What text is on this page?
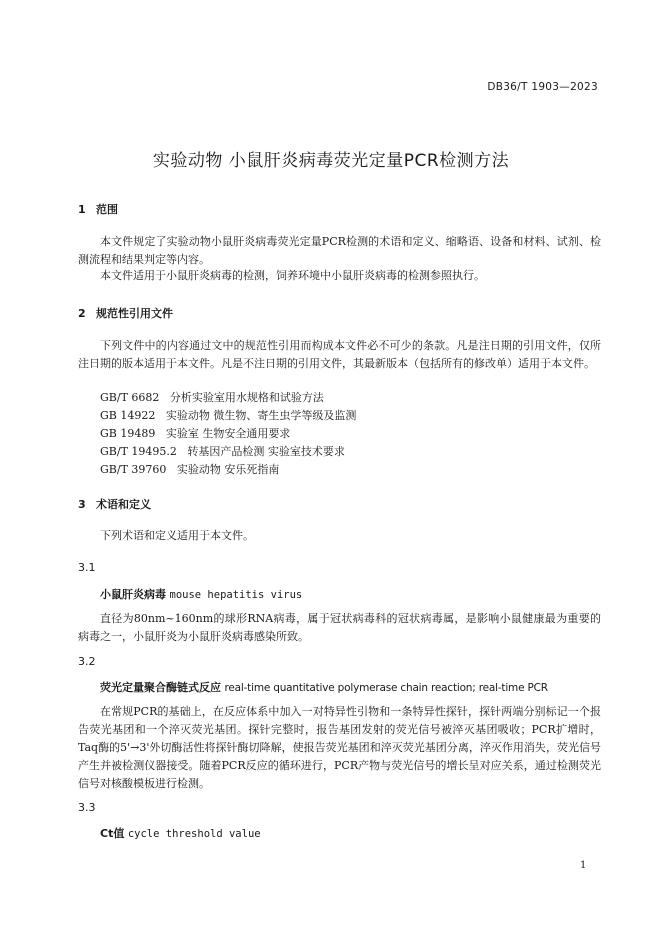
DB36/T 1903—2023
实验动物 小鼠肝炎病毒荧光定量PCR检测方法
1 范围
本文件规定了实验动物小鼠肝炎病毒荧光定量PCR检测的术语和定义、缩略语、设备和材料、试剂、检测流程和结果判定等内容。
本文件适用于小鼠肝炎病毒的检测，饲养环境中小鼠肝炎病毒的检测参照执行。
2 规范性引用文件
下列文件中的内容通过文中的规范性引用而构成本文件必不可少的条款。凡是注日期的引用文件，仅所注日期的版本适用于本文件。凡是不注日期的引用文件，其最新版本（包括所有的修改单）适用于本文件。
GB/T 6682   分析实验室用水规格和试验方法
GB 14922   实验动物 微生物、寄生虫学等级及监测
GB 19489   实验室 生物安全通用要求
GB/T 19495.2   转基因产品检测 实验室技术要求
GB/T 39760   实验动物 安乐死指南
3 术语和定义
下列术语和定义适用于本文件。
3.1
小鼠肝炎病毒 mouse hepatitis virus
直径为80nm~160nm的球形RNA病毒，属于冠状病毒科的冠状病毒属，是影响小鼠健康最为重要的病毒之一，小鼠肝炎为小鼠肝炎病毒感染所致。
3.2
荧光定量聚合酶链式反应 real-time quantitative polymerase chain reaction; real-time PCR
在常规PCR的基础上，在反应体系中加入一对特异性引物和一条特异性探针，探针两端分别标记一个报告荧光基团和一个淬灭荧光基团。探针完整时，报告基团发射的荧光信号被淬灭基团吸收；PCR扩增时，Taq酶的5'→3'外切酶活性将探针酶切降解，使报告荧光基团和淬灭荧光基团分离，淬灭作用消失，荧光信号产生并被检测仪器接受。随着PCR反应的循环进行，PCR产物与荧光信号的增长呈对应关系，通过检测荧光信号对核酸模板进行检测。
3.3
Ct值 cycle threshold value
1
